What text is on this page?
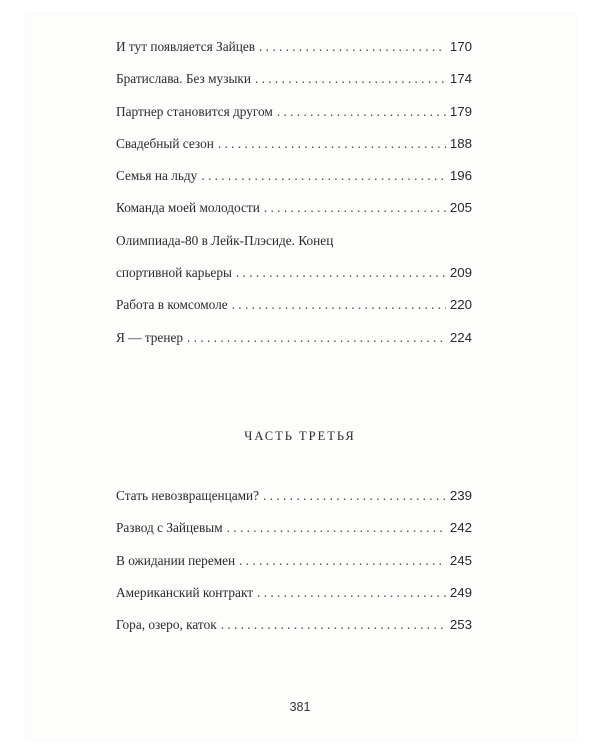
И тут появляется Зайцев . . .	170
Братислава. Без музыки . . .	174
Партнер становится другом . . .	179
Свадебный сезон . . .	188
Семья на льду . . .	196
Команда моей молодости . . .	205
Олимпиада-80 в Лейк-Плэсиде. Конец
спортивной карьеры . . .	209
Работа в комсомоле . . .	220
Я — тренер . . .	224
ЧАСТЬ ТРЕТЬЯ
Стать невозвращенцами? . . .	239
Развод с Зайцевым . . .	242
В ожидании перемен . . .	245
Американский контракт . . .	249
Гора, озеро, каток . . .	253
381
